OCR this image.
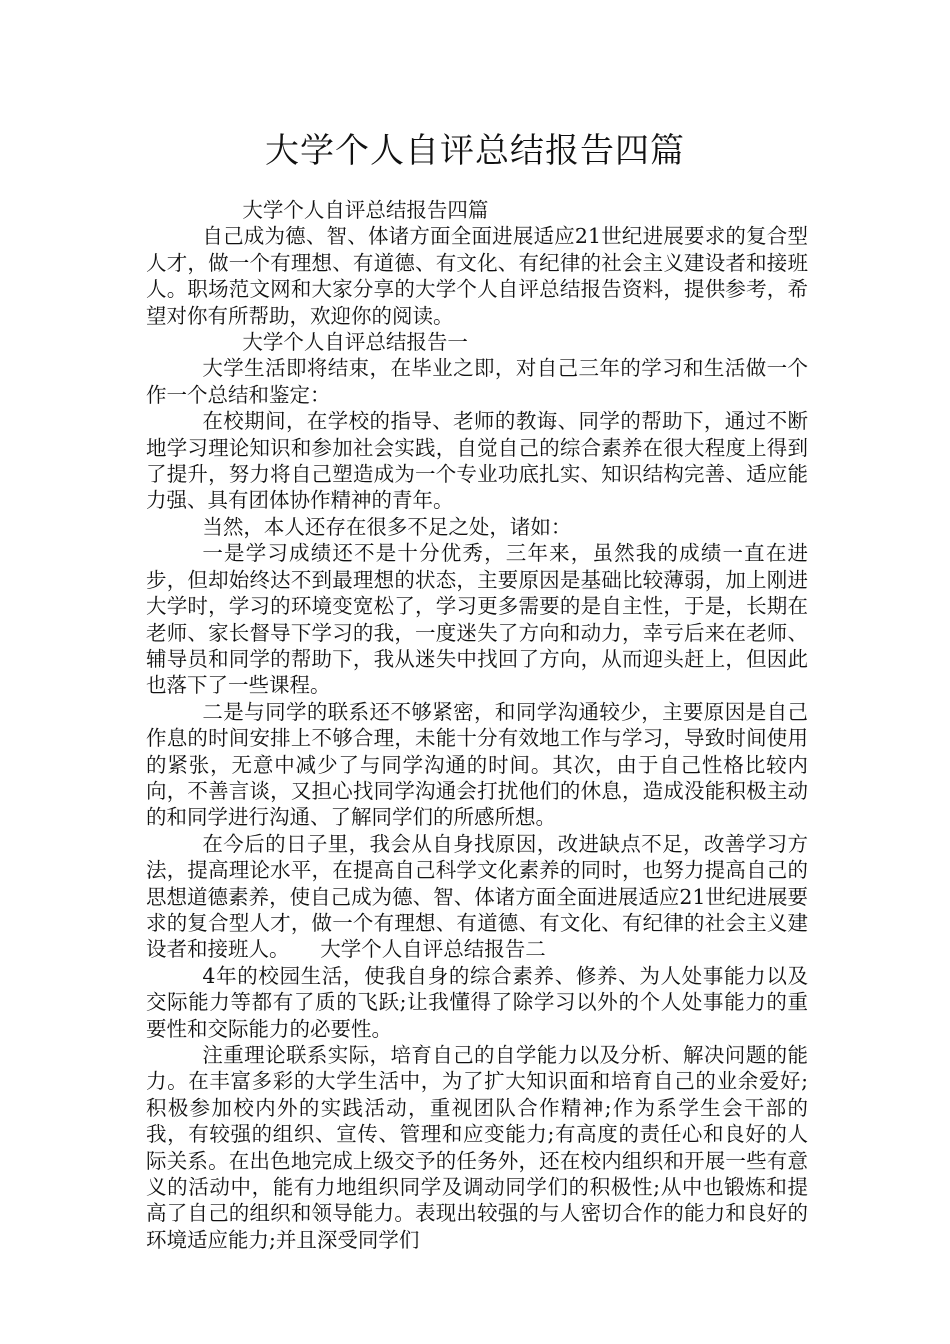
大学个人自评总结报告四篇

大学个人自评总结报告四篇

自己成为德、智、体诸方面全面进展适应21世纪进展要求的复合型人才，做一个有理想、有道德、有文化、有纪律的社会主义建设者和接班人。职场范文网和大家分享的大学个人自评总结报告资料，提供参考，希望对你有所帮助，欢迎你的阅读。

大学个人自评总结报告一

大学生活即将结束，在毕业之即，对自己三年的学习和生活做一个作一个总结和鉴定：

在校期间，在学校的指导、老师的教诲、同学的帮助下，通过不断地学习理论知识和参加社会实践，自觉自己的综合素养在很大程度上得到了提升，努力将自己塑造成为一个专业功底扎实、知识结构完善、适应能力强、具有团体协作精神的青年。

当然，本人还存在很多不足之处，诸如：

一是学习成绩还不是十分优秀，三年来，虽然我的成绩一直在进步，但却始终达不到最理想的状态，主要原因是基础比较薄弱，加上刚进大学时，学习的环境变宽松了，学习更多需要的是自主性，于是，长期在老师、家长督导下学习的我，一度迷失了方向和动力，幸亏后来在老师、辅导员和同学的帮助下，我从迷失中找回了方向，从而迎头赶上，但因此也落下了一些课程。

二是与同学的联系还不够紧密，和同学沟通较少，主要原因是自己作息的时间安排上不够合理，未能十分有效地工作与学习，导致时间使用的紧张，无意中减少了与同学沟通的时间。其次，由于自己性格比较内向，不善言谈，又担心找同学沟通会打扰他们的休息，造成没能积极主动的和同学进行沟通、了解同学们的所感所想。

在今后的日子里，我会从自身找原因，改进缺点不足，改善学习方法，提高理论水平，在提高自己科学文化素养的同时，也努力提高自己的思想道德素养，使自己成为德、智、体诸方面全面进展适应21世纪进展要求的复合型人才，做一个有理想、有道德、有文化、有纪律的社会主义建设者和接班人。　　大学个人自评总结报告二

4年的校园生活，使我自身的综合素养、修养、为人处事能力以及交际能力等都有了质的飞跃;让我懂得了除学习以外的个人处事能力的重要性和交际能力的必要性。

注重理论联系实际，培育自己的自学能力以及分析、解决问题的能力。在丰富多彩的大学生活中，为了扩大知识面和培育自己的业余爱好;积极参加校内外的实践活动，重视团队合作精神;作为系学生会干部的我，有较强的组织、宣传、管理和应变能力;有高度的责任心和良好的人际关系。在出色地完成上级交予的任务外，还在校内组织和开展一些有意义的活动中，能有力地组织同学及调动同学们的积极性;从中也锻炼和提高了自己的组织和领导能力。表现出较强的与人密切合作的能力和良好的环境适应能力;并且深受同学们
